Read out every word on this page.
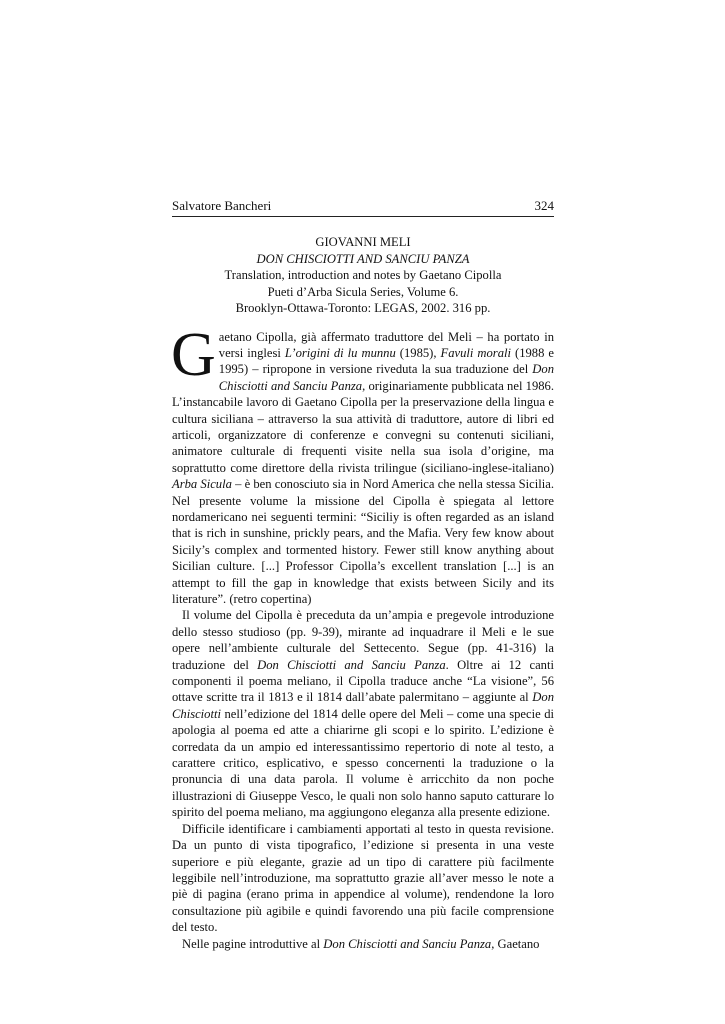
Salvatore Bancheri	324
GIOVANNI MELI
DON CHISCIOTTI AND SANCIU PANZA
Translation, introduction and notes by Gaetano Cipolla
Pueti d’Arba Sicula Series, Volume 6.
Brooklyn-Ottawa-Toronto: LEGAS, 2002. 316 pp.

Gaetano Cipolla, già affermato traduttore del Meli – ha portato in versi inglesi L’origini di lu munnu (1985), Favuli morali (1988 e 1995) – ripropone in versione riveduta la sua traduzione del Don Chisciotti and Sanciu Panza, originariamente pubblicata nel 1986. L’instancabile lavoro di Gaetano Cipolla per la preservazione della lingua e cultura siciliana – attraverso la sua attività di traduttore, autore di libri ed articoli, organizzatore di conferenze e convegni su contenuti siciliani, animatore culturale di frequenti visite nella sua isola d’origine, ma soprattutto come direttore della rivista trilingue (siciliano-inglese-italiano) Arba Sicula – è ben conosciuto sia in Nord America che nella stessa Sicilia. Nel presente volume la missione del Cipolla è spiegata al lettore nordamericano nei seguenti termini: “Siciliy is often regarded as an island that is rich in sunshine, prickly pears, and the Mafia. Very few know about Sicily’s complex and tormented history. Fewer still know anything about Sicilian culture. [...] Professor Cipolla’s excellent translation [...] is an attempt to fill the gap in knowledge that exists between Sicily and its literature”. (retro copertina)

Il volume del Cipolla è preceduta da un’ampia e pregevole introduzione dello stesso studioso (pp. 9-39), mirante ad inquadrare il Meli e le sue opere nell’ambiente culturale del Settecento. Segue (pp. 41-316) la traduzione del Don Chisciotti and Sanciu Panza. Oltre ai 12 canti componenti il poema meliano, il Cipolla traduce anche “La visione”, 56 ottave scritte tra il 1813 e il 1814 dall’abate palermitano – aggiunte al Don Chisciotti nell’edizione del 1814 delle opere del Meli – come una specie di apologia al poema ed atte a chiarirne gli scopi e lo spirito. L’edizione è corredata da un ampio ed interessantissimo repertorio di note al testo, a carattere critico, esplicativo, e spesso concernenti la traduzione o la pronuncia di una data parola. Il volume è arricchito da non poche illustrazioni di Giuseppe Vesco, le quali non solo hanno saputo catturare lo spirito del poema meliano, ma aggiungono eleganza alla presente edizione.

Difficile identificare i cambiamenti apportati al testo in questa revisione. Da un punto di vista tipografico, l’edizione si presenta in una veste superiore e più elegante, grazie ad un tipo di carattere più facilmente leggibile nell’introduzione, ma soprattutto grazie all’aver messo le note a piè di pagina (erano prima in appendice al volume), rendendone la loro consultazione più agibile e quindi favorendo una più facile comprensione del testo.

Nelle pagine introduttive al Don Chisciotti and Sanciu Panza, Gaetano
